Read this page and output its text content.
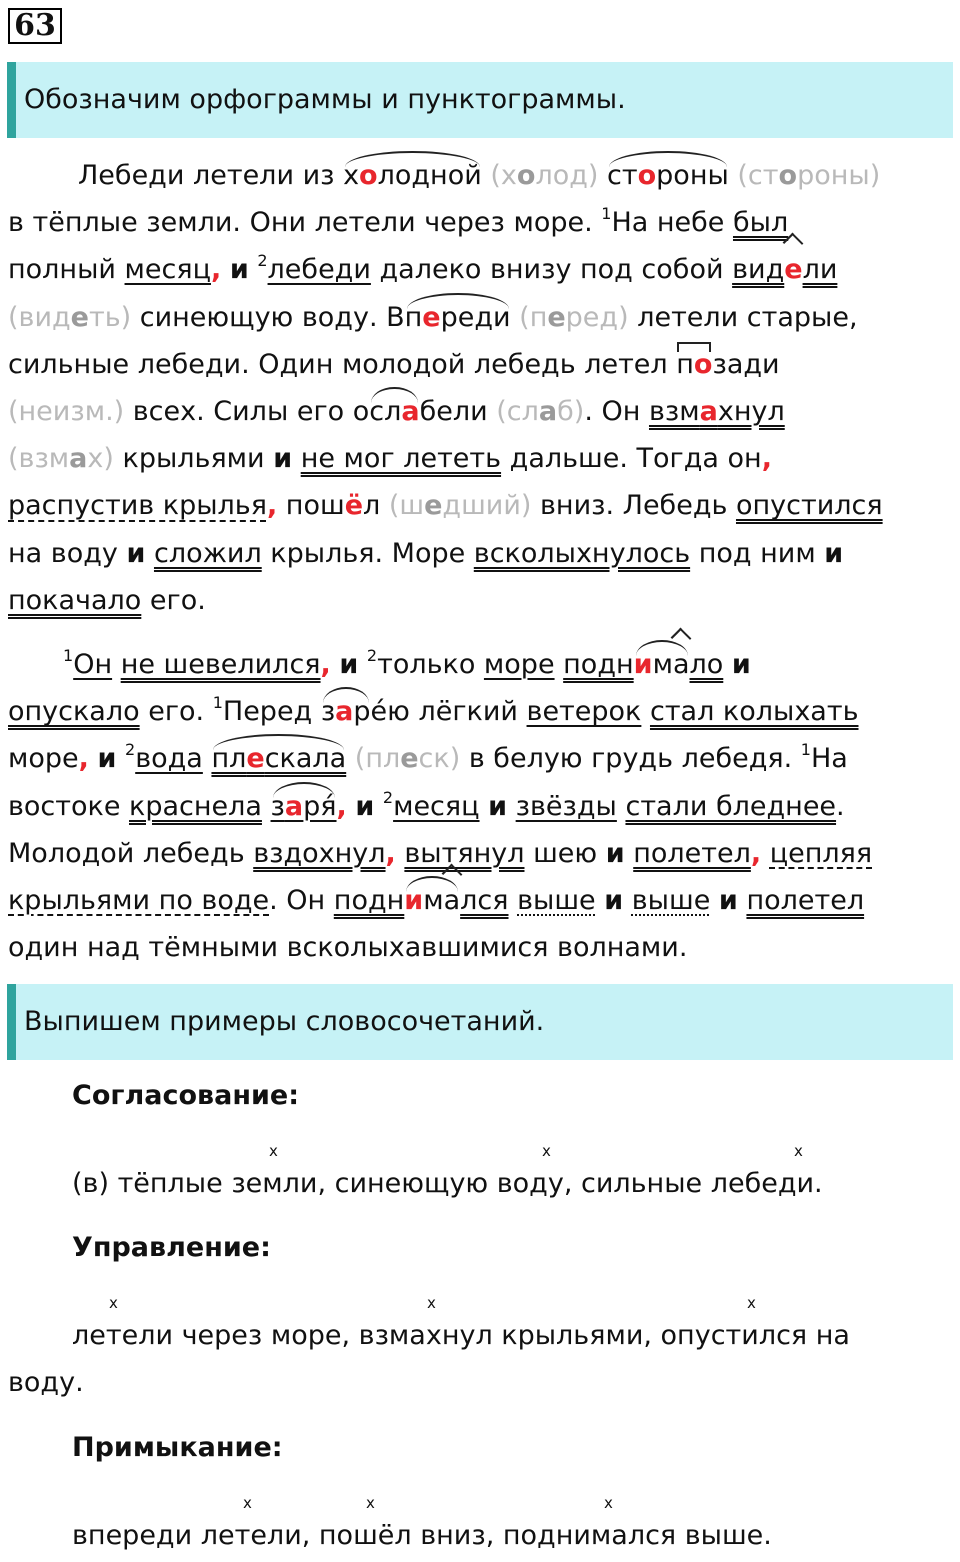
63
Обозначим орфограммы и пунктограммы.
Лебеди летели из холодной (холод) стороны (стороны)
в тёплые земли. Они летели через море. $^1$На небе был
полный месяц, и $^2$лебеди далеко внизу под собой видели
(видеть) синеющую воду. Впереди (перед) летели старые,
сильные лебеди. Один молодой лебедь летел позади
(неизм.) всех. Силы его ослабели (слаб). Он взмахнул
(взмах) крыльями и не мог лететь дальше. Тогда он,
распустив крылья, пошёл (шедший) вниз. Лебедь опустился
на воду и сложил крылья. Море всколыхнулось под ним и
покачало его.
$^1$Он не шевелился, и $^2$только море поднимало и
опускало его. $^1$Перед заре́ю лёгкий ветерок стал колыхать
море, и $^2$вода плескала (плеск) в белую грудь лебедя. $^1$На
востоке краснела заря́, и $^2$месяц и звёзды стали бледнее.
Молодой лебедь вздохнул, вытянул шею и полетел, цепляя
крыльями по воде. Он поднимался выше и выше и полетел
один над тёмными всколыхавшимися волнами.
Выпишем примеры словосочетаний.
Согласование:
x	x	x
(в) тёплые земли, синеющую воду, сильные лебеди.
Управление:
x	x	x
летели через море, взмахнул крыльями, опустился на
воду.
Примыкание:
x	x	x
впереди летели, пошёл вниз, поднимался выше.
